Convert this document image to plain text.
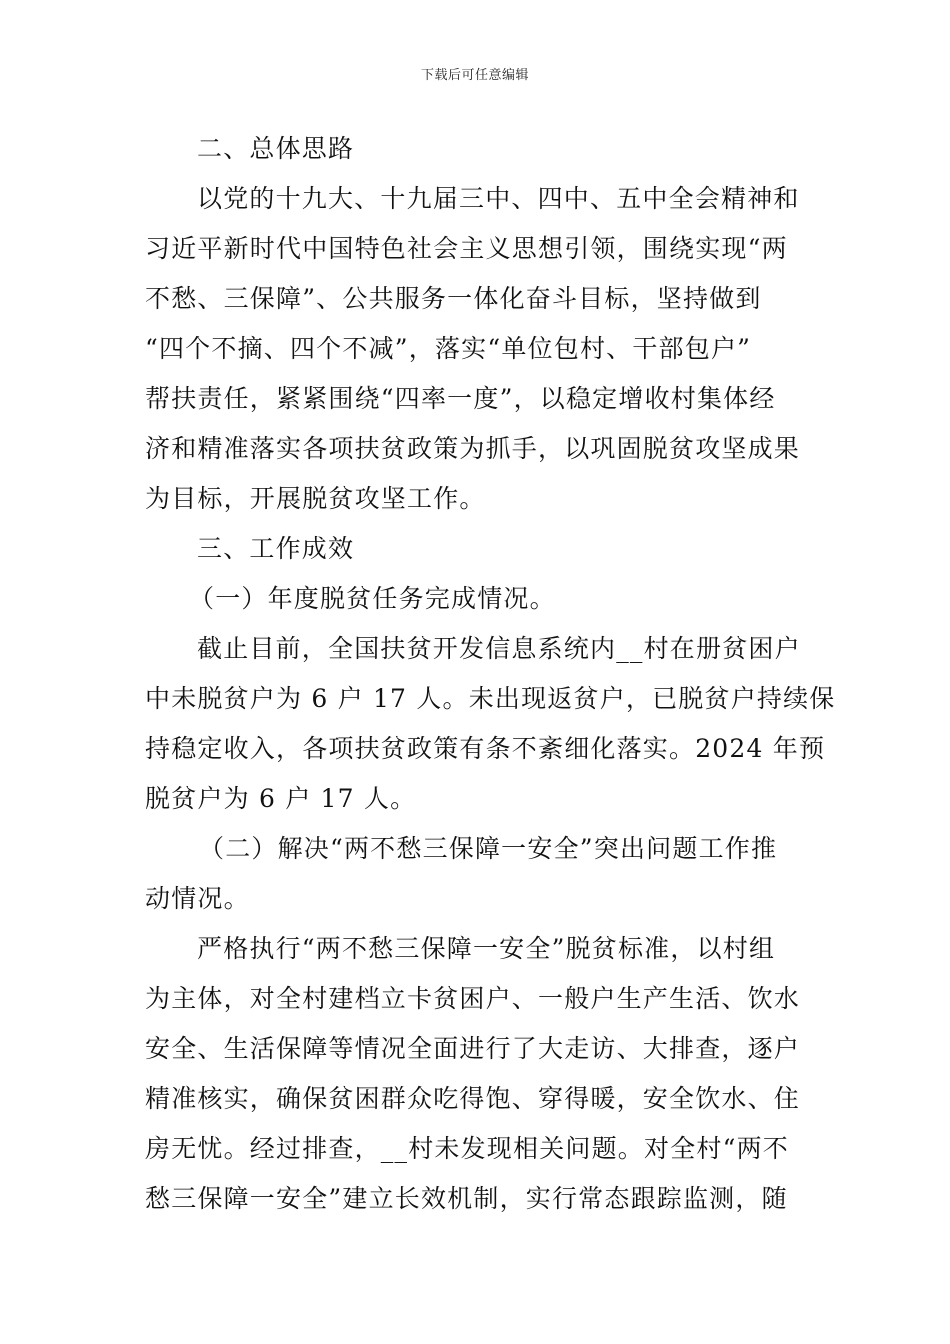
下载后可任意编辑
二、总体思路
以党的十九大、十九届三中、四中、五中全会精神和
习近平新时代中国特色社会主义思想引领，围绕实现“两
不愁、三保障”、公共服务一体化奋斗目标，坚持做到
“四个不摘、四个不减”，落实“单位包村、干部包户”
帮扶责任，紧紧围绕“四率一度”，以稳定增收村集体经
济和精准落实各项扶贫政策为抓手，以巩固脱贫攻坚成果
为目标，开展脱贫攻坚工作。
三、工作成效
（一）年度脱贫任务完成情况。
截止目前，全国扶贫开发信息系统内__村在册贫困户
中未脱贫户为 6 户 17 人。未出现返贫户，已脱贫户持续保
持稳定收入，各项扶贫政策有条不紊细化落实。2024 年预
脱贫户为 6 户 17 人。
（二）解决“两不愁三保障一安全”突出问题工作推
动情况。
严格执行“两不愁三保障一安全”脱贫标准，以村组
为主体，对全村建档立卡贫困户、一般户生产生活、饮水
安全、生活保障等情况全面进行了大走访、大排查，逐户
精准核实，确保贫困群众吃得饱、穿得暖，安全饮水、住
房无忧。经过排查，__村未发现相关问题。对全村“两不
愁三保障一安全”建立长效机制，实行常态跟踪监测，随
